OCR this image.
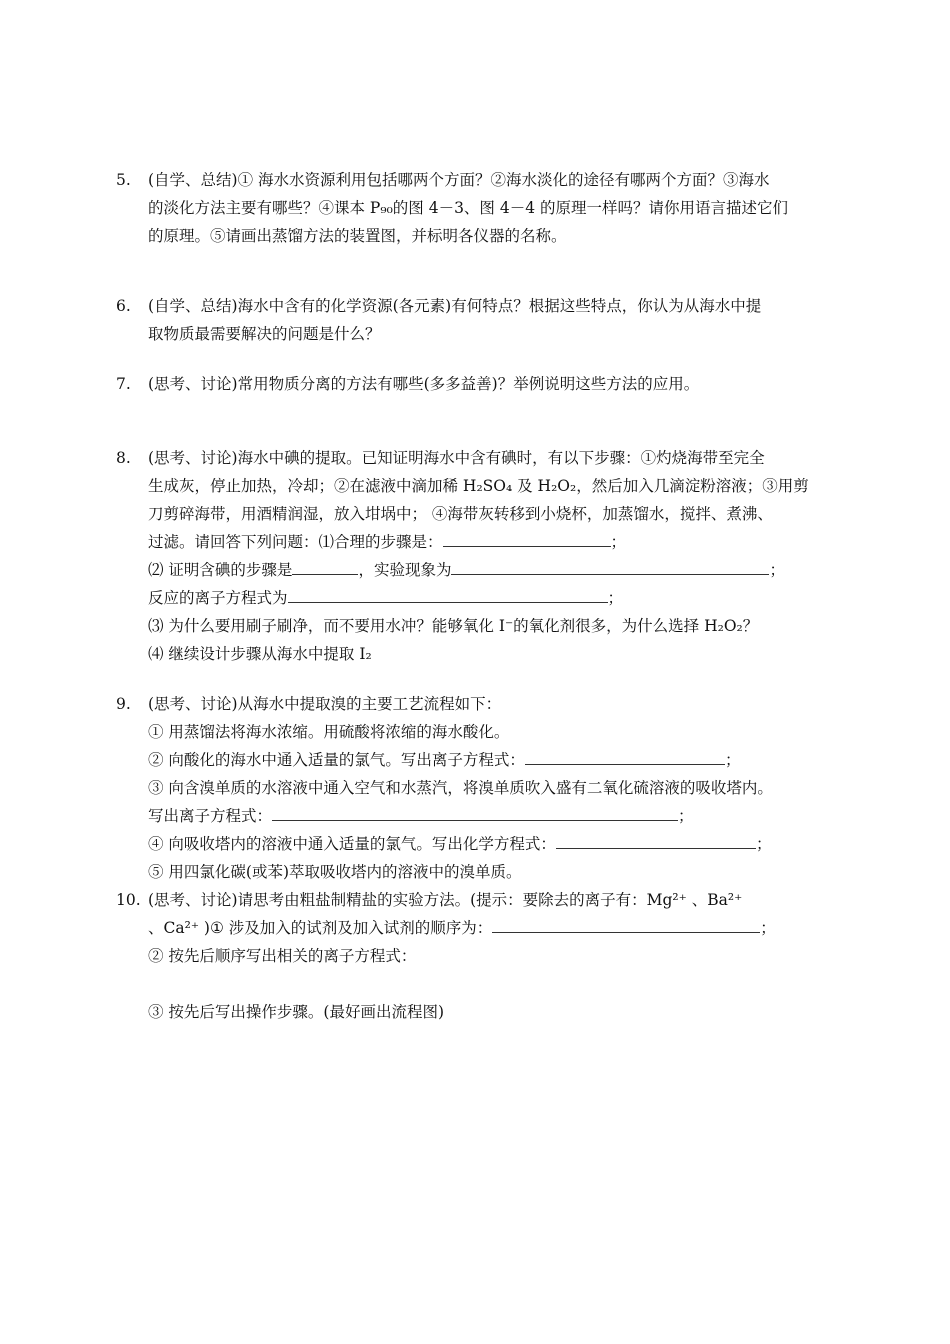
5. (自学、总结)① 海水水资源利用包括哪两个方面？②海水淡化的途径有哪两个方面？③海水
的淡化方法主要有哪些？④课本 P₉₀的图 4－3、图 4－4 的原理一样吗？请你用语言描述它们
的原理。⑤请画出蒸馏方法的装置图，并标明各仪器的名称。
6. (自学、总结)海水中含有的化学资源(各元素)有何特点？根据这些特点，你认为从海水中提
取物质最需要解决的问题是什么？
7. (思考、讨论)常用物质分离的方法有哪些(多多益善)？举例说明这些方法的应用。
8. (思考、讨论)海水中碘的提取。已知证明海水中含有碘时，有以下步骤：①灼烧海带至完全
生成灰，停止加热，冷却；②在滤液中滴加稀 H₂SO₄ 及 H₂O₂，然后加入几滴淀粉溶液；③用剪
刀剪碎海带，用酒精润湿，放入坩埚中； ④海带灰转移到小烧杯，加蒸馏水，搅拌、煮沸、
过滤。请回答下列问题：⑴合理的步骤是：	；
⑵ 证明含碘的步骤是	，实验现象为	；
反应的离子方程式为	；
⑶ 为什么要用刷子刷净，而不要用水冲？能够氧化 I⁻的氧化剂很多，为什么选择 H₂O₂？
⑷ 继续设计步骤从海水中提取 I₂
9. (思考、讨论)从海水中提取溴的主要工艺流程如下：
① 用蒸馏法将海水浓缩。用硫酸将浓缩的海水酸化。
② 向酸化的海水中通入适量的氯气。写出离子方程式：	；
③ 向含溴单质的水溶液中通入空气和水蒸汽，将溴单质吹入盛有二氧化硫溶液的吸收塔内。
写出离子方程式：	；
④ 向吸收塔内的溶液中通入适量的氯气。写出化学方程式：	；
⑤ 用四氯化碳(或苯)萃取吸收塔内的溶液中的溴单质。
10. (思考、讨论)请思考由粗盐制精盐的实验方法。(提示：要除去的离子有：Mg²⁺ 、Ba²⁺
、Ca²⁺ )① 涉及加入的试剂及加入试剂的顺序为：	；
② 按先后顺序写出相关的离子方程式：
③ 按先后写出操作步骤。(最好画出流程图)
